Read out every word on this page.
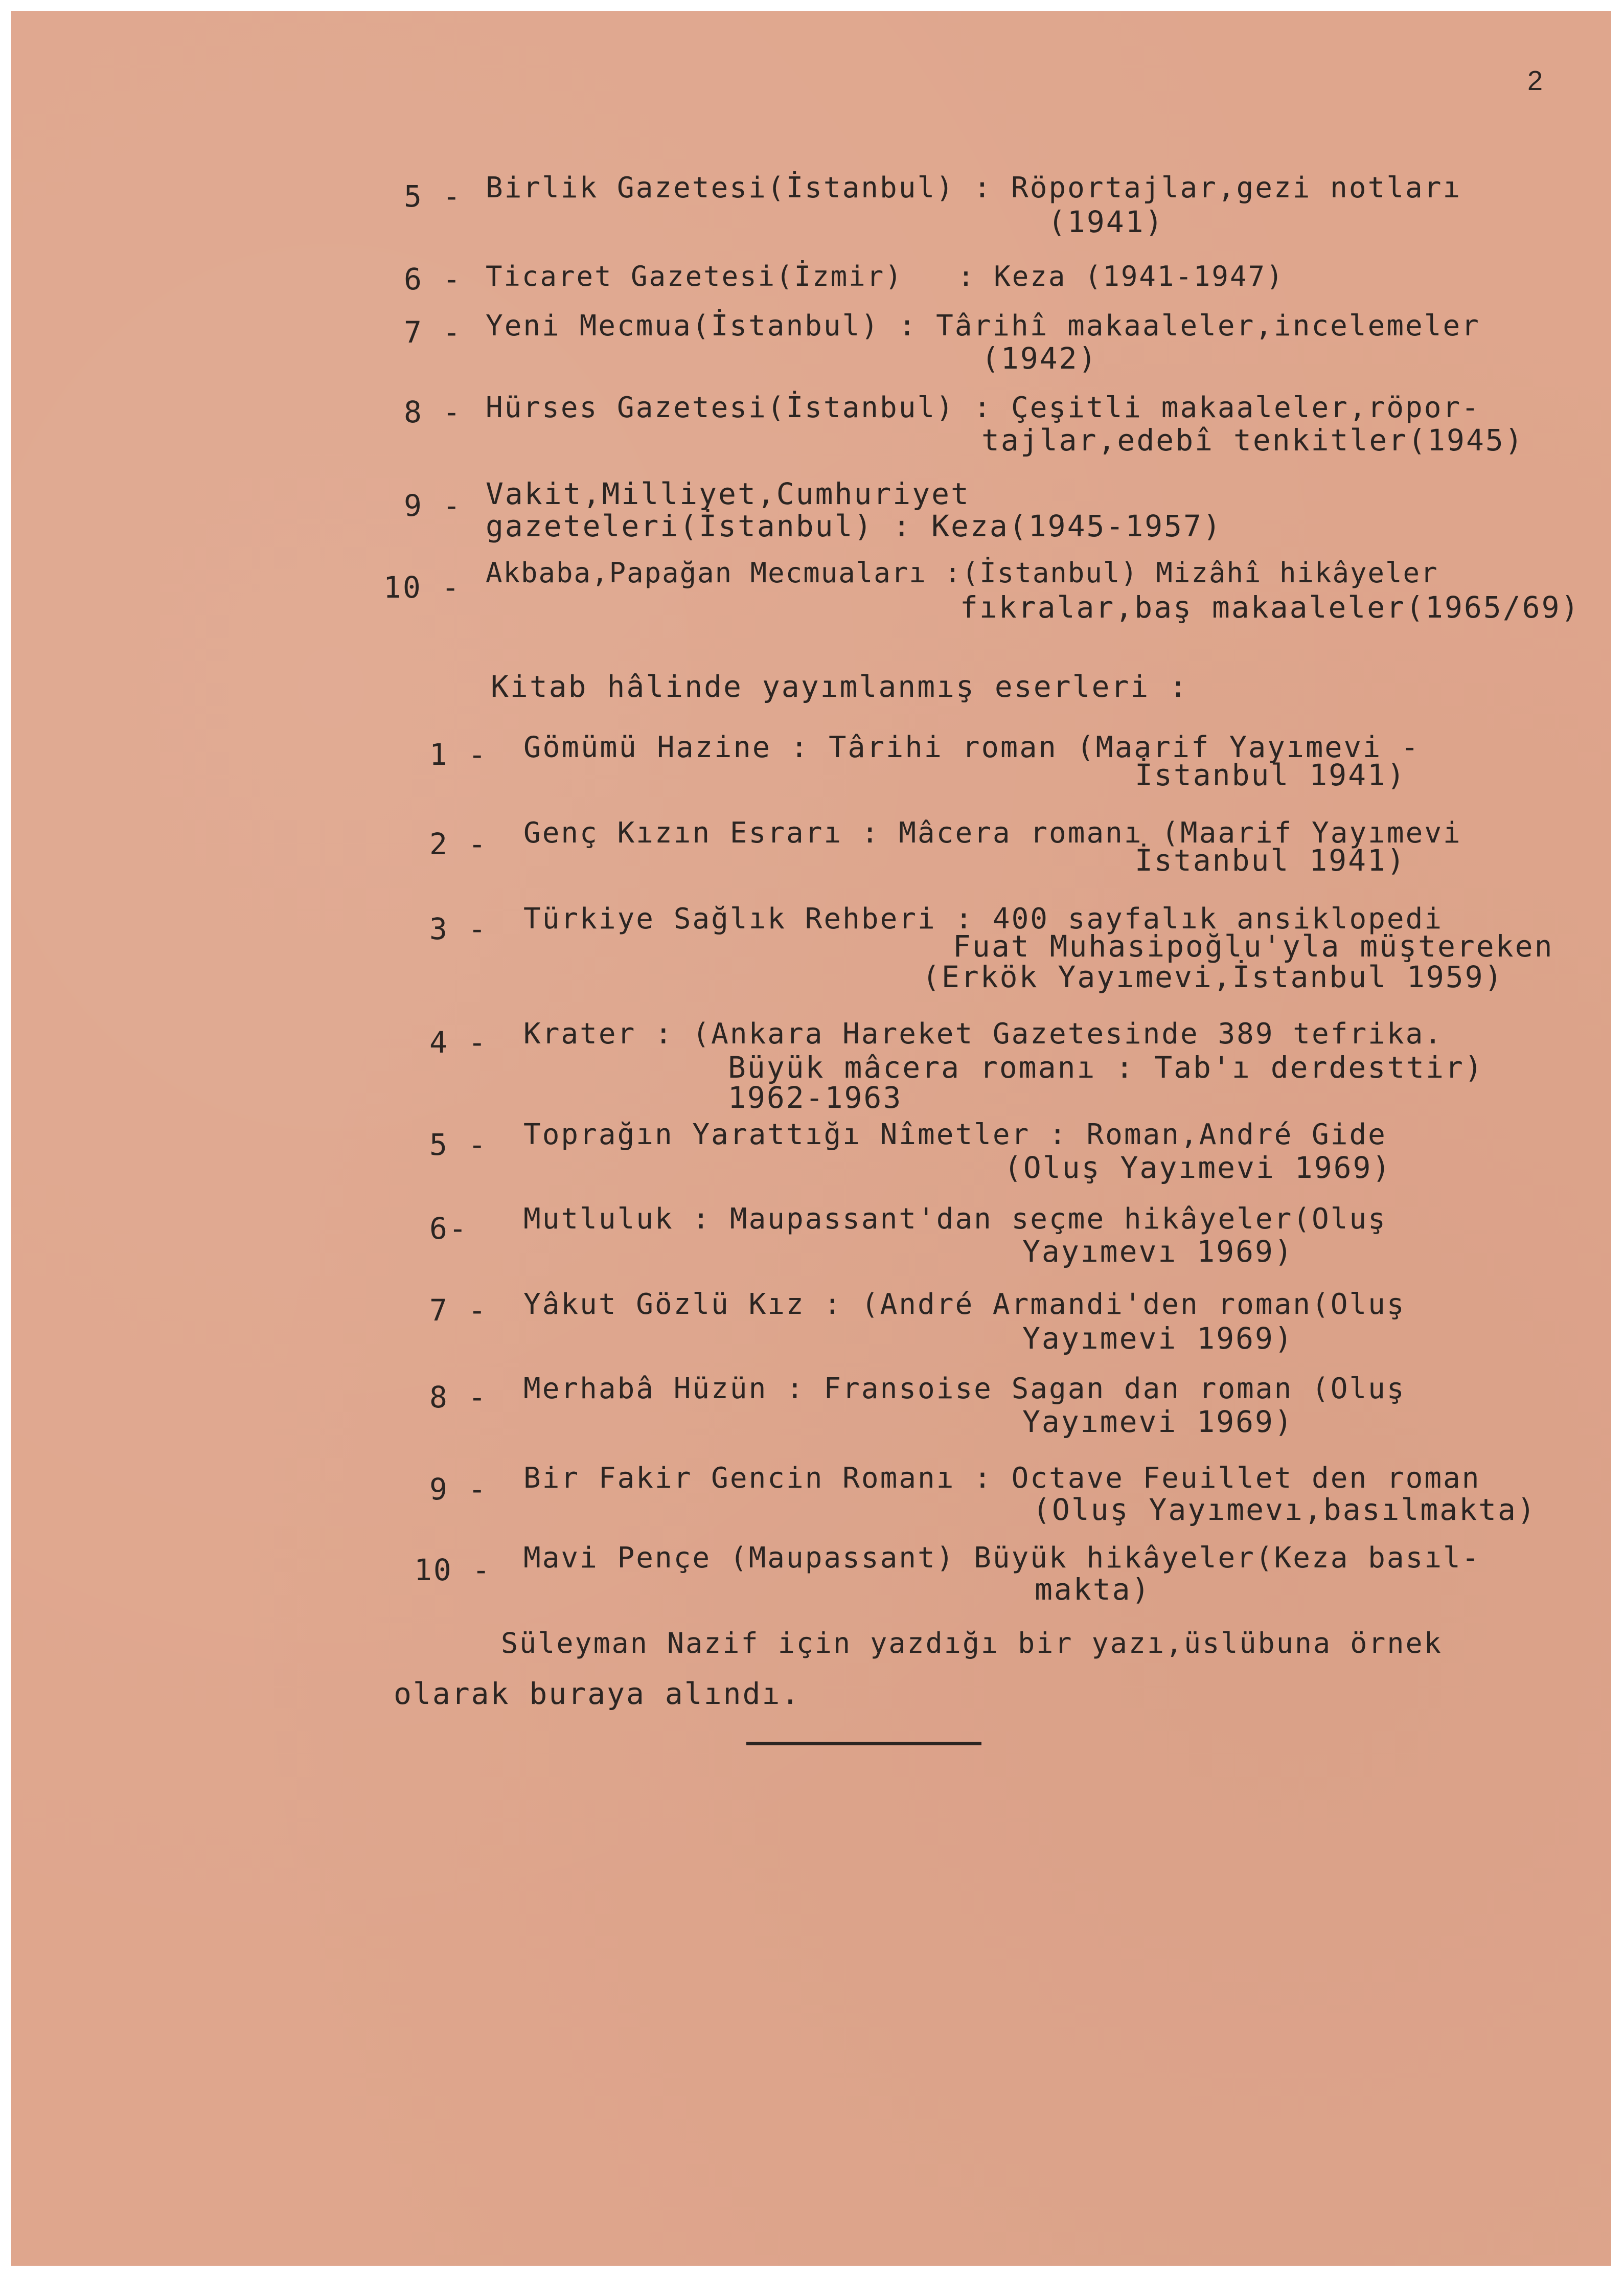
2
5 - Birlik Gazetesi(İstanbul) : Röportajlar,gezi notları
(1941)
6 - Ticaret Gazetesi(İzmir)   : Keza (1941-1947)
7 - Yeni Mecmua(İstanbul) : Târihî makaaleler,incelemeler
(1942)
8 - Hürses Gazetesi(İstanbul) : Çeşitli makaaleler,röpor-
tajlar,edebî tenkitler(1945)
9 - Vakit,Milliyet,Cumhuriyet
gazeteleri(İstanbul) : Keza(1945-1957)
10 - Akbaba,Papağan Mecmuaları :(İstanbul) Mizâhî hikâyeler
fıkralar,baş makaaleler(1965/69)
Kitab hâlinde yayımlanmış eserleri :
1 - Gömümü Hazine : Târihi roman (Maarif Yayımevi -
İstanbul 1941)
2 - Genç Kızın Esrarı : Mâcera romanı (Maarif Yayımevi
İstanbul 1941)
3 - Türkiye Sağlık Rehberi : 400 sayfalık ansiklopedi
Fuat Muhasipoğlu'yla müştereken
(Erkök Yayımevi,İstanbul 1959)
4 - Krater : (Ankara Hareket Gazetesinde 389 tefrika.
Büyük mâcera romanı : Tab'ı derdesttir)
1962-1963
5 - Toprağın Yarattığı Nîmetler : Roman,André Gide
(Oluş Yayımevi 1969)
6- Mutluluk : Maupassant'dan seçme hikâyeler(Oluş
Yayımevı 1969)
7 - Yâkut Gözlü Kız : (André Armandi'den roman(Oluş
Yayımevi 1969)
8 - Merhabâ Hüzün : Fransoise Sagan dan roman (Oluş
Yayımevi 1969)
9 - Bir Fakir Gencin Romanı : Octave Feuillet den roman
(Oluş Yayımevı,basılmakta)
10 - Mavi Pençe (Maupassant) Büyük hikâyeler(Keza basıl-
makta)
Süleyman Nazif için yazdığı bir yazı,üslübuna örnek
olarak buraya alındı.
